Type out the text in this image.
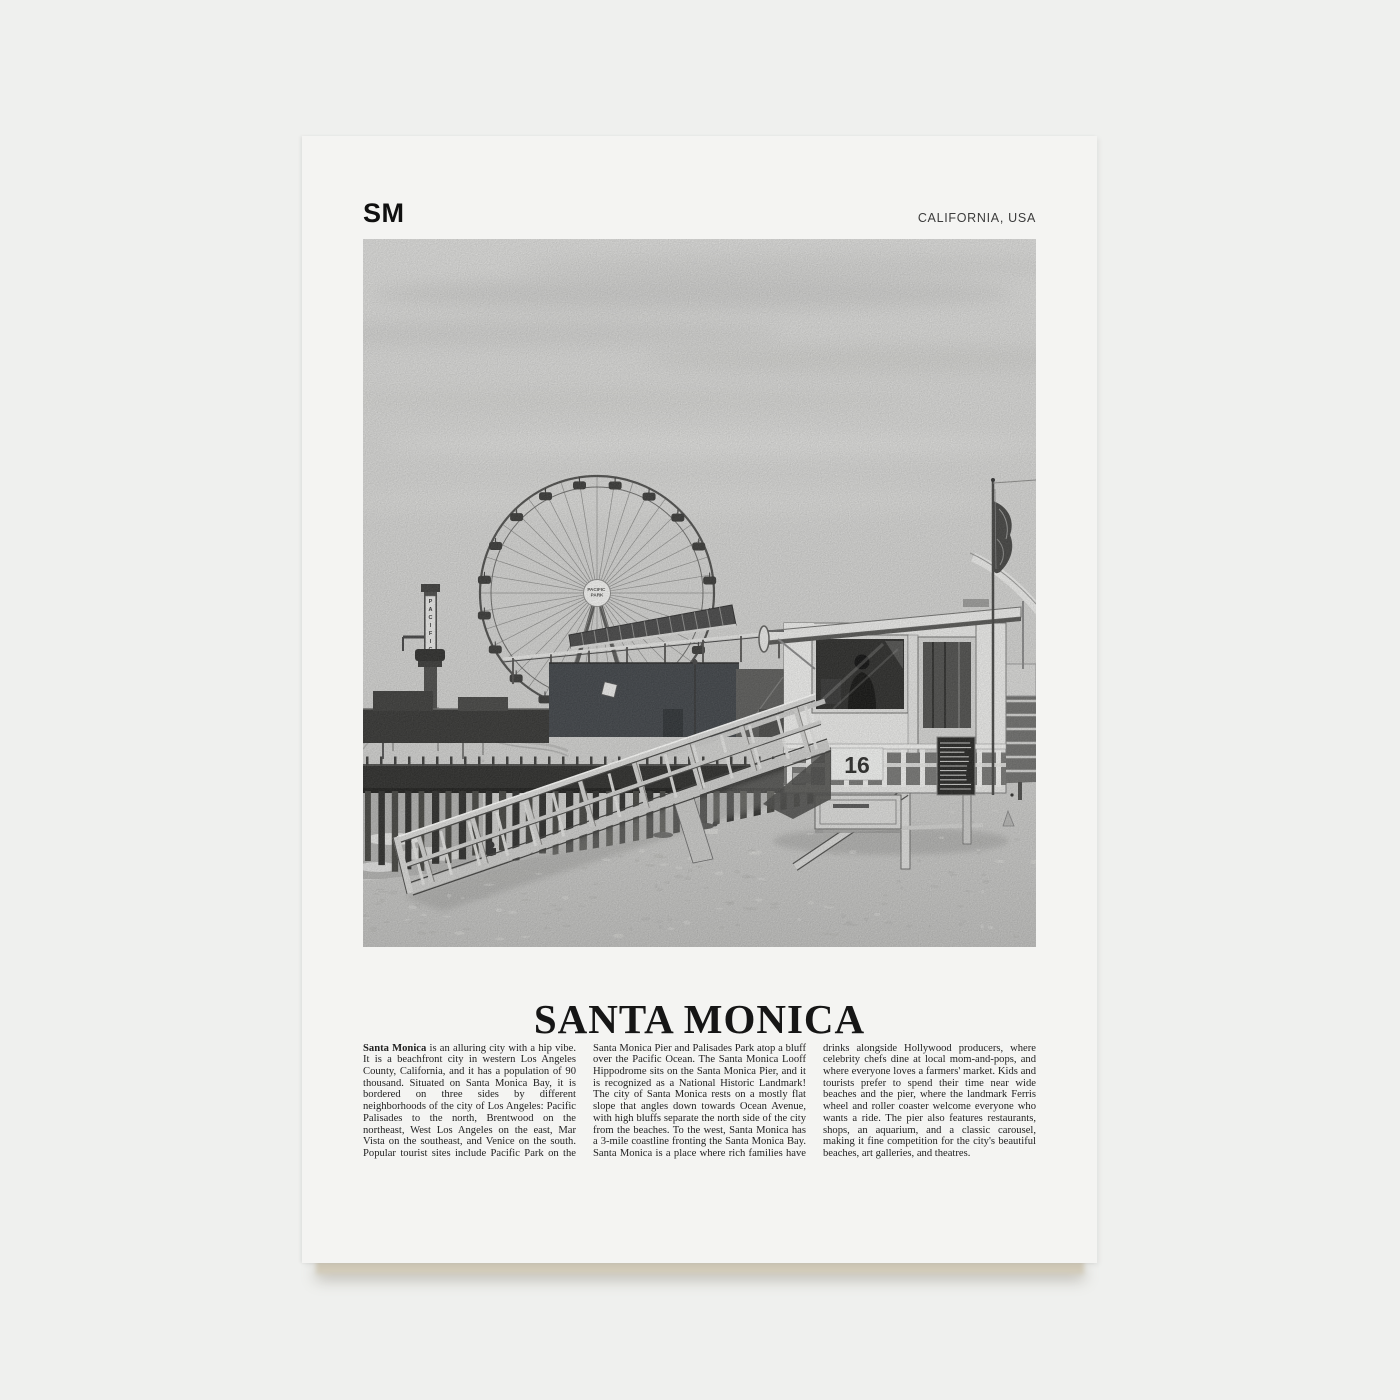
SM	CALIFORNIA, USA
PACIFIC PARK
P A C I F I
16
SANTA MONICA

Santa Monica is an alluring city with a hip vibe. It is a beachfront city in western Los Angeles County, California, and it has a population of 90 thousand. Situated on Santa Monica Bay, it is bordered on three sides by different neighborhoods of the city of Los Angeles: Pacific Palisades to the north, Brentwood on the northeast, West Los Angeles on the east, Mar Vista on the southeast, and Venice on the south. Popular tourist sites include Pacific Park on the Santa Monica Pier and Palisades Park atop a bluff over the Pacific Ocean. The Santa Monica Looff Hippodrome sits on the Santa Monica Pier, and it is recognized as a National Historic Landmark! The city of Santa Monica rests on a mostly flat slope that angles down towards Ocean Avenue, with high bluffs separate the north side of the city from the beaches. To the west, Santa Monica has a 3-mile coastline fronting the Santa Monica Bay. Santa Monica is a place where rich families have drinks alongside Hollywood producers, where celebrity chefs dine at local mom-and-pops, and where everyone loves a farmers' market. Kids and tourists prefer to spend their time near wide beaches and the pier, where the landmark Ferris wheel and roller coaster welcome everyone who wants a ride. The pier also features restaurants, shops, an aquarium, and a classic carousel, making it fine competition for the city's beautiful beaches, art galleries, and theatres.
